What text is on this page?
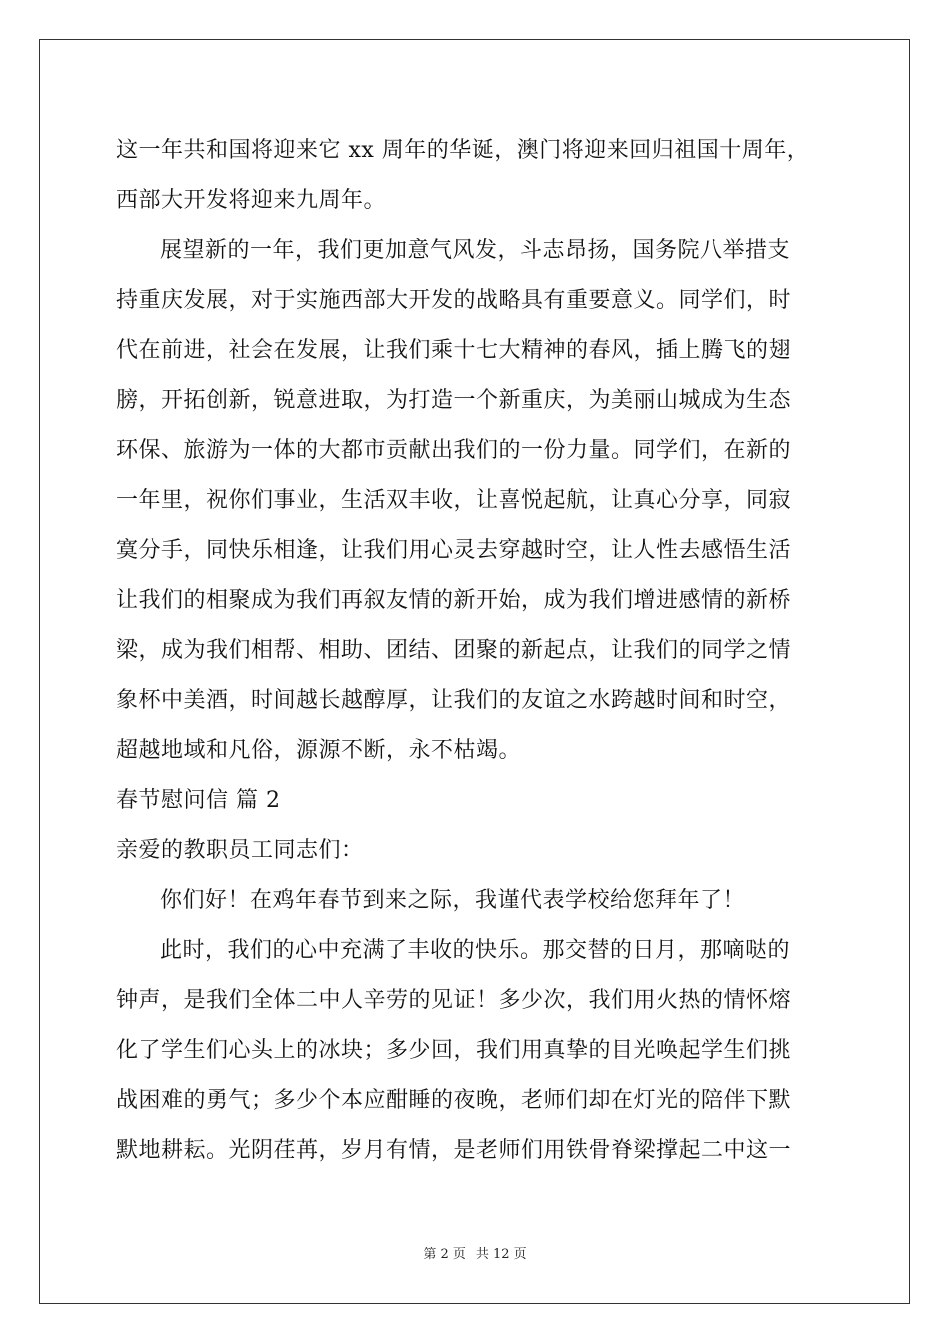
这一年共和国将迎来它 xx 周年的华诞，澳门将迎来回归祖国十周年，
西部大开发将迎来九周年。
展望新的一年，我们更加意气风发，斗志昂扬，国务院八举措支
持重庆发展，对于实施西部大开发的战略具有重要意义。同学们，时
代在前进，社会在发展，让我们乘十七大精神的春风，插上腾飞的翅
膀，开拓创新，锐意进取，为打造一个新重庆，为美丽山城成为生态
环保、旅游为一体的大都市贡献出我们的一份力量。同学们，在新的
一年里，祝你们事业，生活双丰收，让喜悦起航，让真心分享，同寂
寞分手，同快乐相逢，让我们用心灵去穿越时空，让人性去感悟生活
让我们的相聚成为我们再叙友情的新开始，成为我们增进感情的新桥
梁，成为我们相帮、相助、团结、团聚的新起点，让我们的同学之情
象杯中美酒，时间越长越醇厚，让我们的友谊之水跨越时间和时空，
超越地域和凡俗，源源不断，永不枯竭。
春节慰问信 篇 2
亲爱的教职员工同志们：
你们好！在鸡年春节到来之际，我谨代表学校给您拜年了！
此时，我们的心中充满了丰收的快乐。那交替的日月，那嘀哒的
钟声，是我们全体二中人辛劳的见证！多少次，我们用火热的情怀熔
化了学生们心头上的冰块；多少回，我们用真挚的目光唤起学生们挑
战困难的勇气；多少个本应酣睡的夜晚，老师们却在灯光的陪伴下默
默地耕耘。光阴荏苒，岁月有情，是老师们用铁骨脊梁撑起二中这一
第 2 页 共 12 页
